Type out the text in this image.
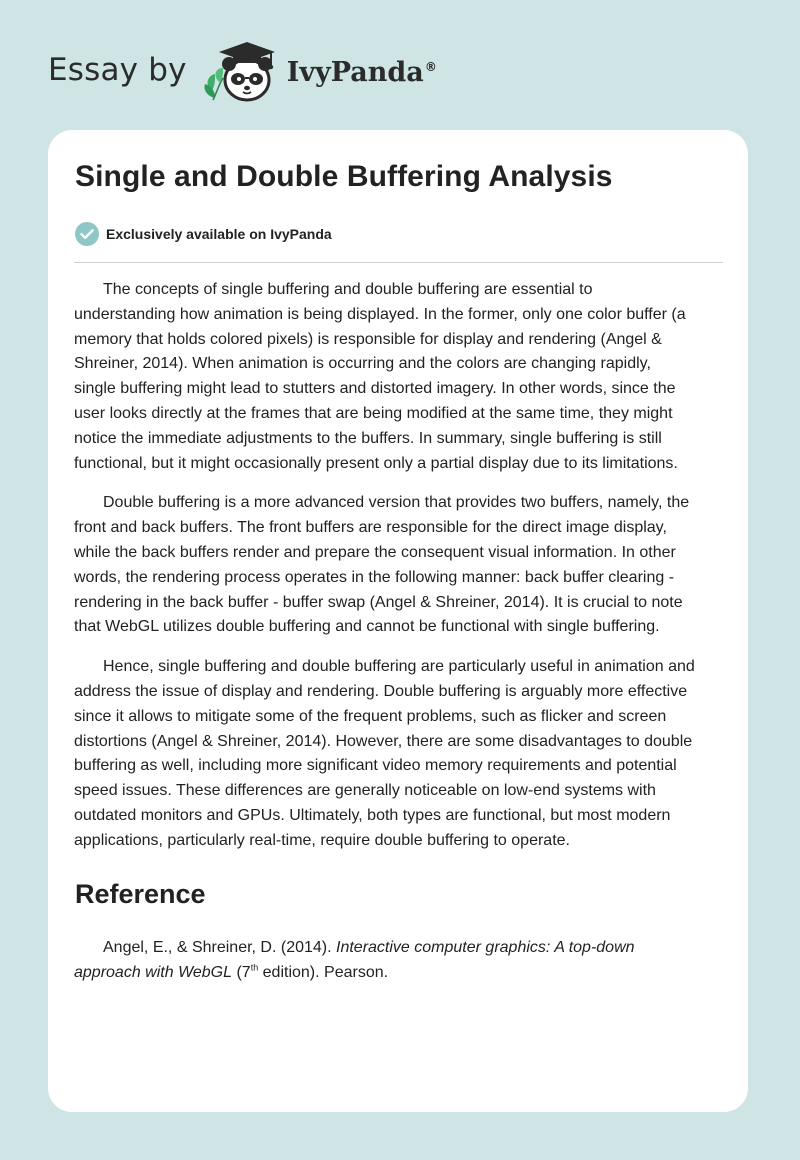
Essay by	IvyPanda®
Single and Double Buffering Analysis
Exclusively available on IvyPanda

The concepts of single buffering and double buffering are essential to
understanding how animation is being displayed. In the former, only one color buffer (a
memory that holds colored pixels) is responsible for display and rendering (Angel &
Shreiner, 2014). When animation is occurring and the colors are changing rapidly,
single buffering might lead to stutters and distorted imagery. In other words, since the
user looks directly at the frames that are being modified at the same time, they might
notice the immediate adjustments to the buffers. In summary, single buffering is still
functional, but it might occasionally present only a partial display due to its limitations.

Double buffering is a more advanced version that provides two buffers, namely, the
front and back buffers. The front buffers are responsible for the direct image display,
while the back buffers render and prepare the consequent visual information. In other
words, the rendering process operates in the following manner: back buffer clearing -
rendering in the back buffer - buffer swap (Angel & Shreiner, 2014). It is crucial to note
that WebGL utilizes double buffering and cannot be functional with single buffering.

Hence, single buffering and double buffering are particularly useful in animation and
address the issue of display and rendering. Double buffering is arguably more effective
since it allows to mitigate some of the frequent problems, such as flicker and screen
distortions (Angel & Shreiner, 2014). However, there are some disadvantages to double
buffering as well, including more significant video memory requirements and potential
speed issues. These differences are generally noticeable on low-end systems with
outdated monitors and GPUs. Ultimately, both types are functional, but most modern
applications, particularly real-time, require double buffering to operate.

Reference
Angel, E., & Shreiner, D. (2014). Interactive computer graphics: A top-down
approach with WebGL (7th edition). Pearson.
